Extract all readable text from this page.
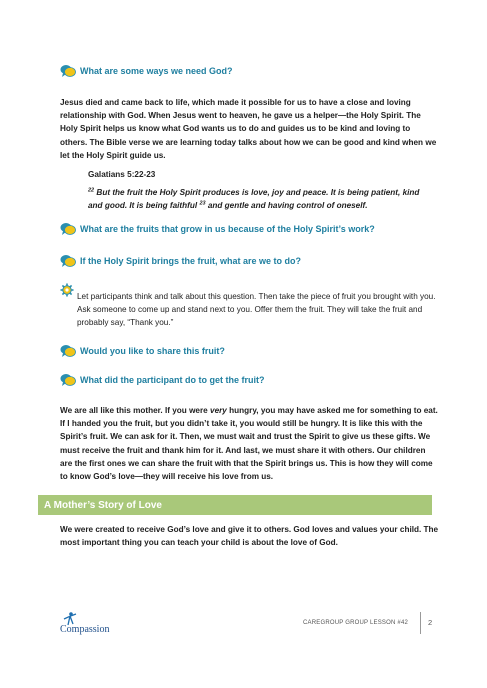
What are some ways we need God?
Jesus died and came back to life, which made it possible for us to have a close and loving relationship with God. When Jesus went to heaven, he gave us a helper—the Holy Spirit. The Holy Spirit helps us know what God wants us to do and guides us to be kind and loving to others. The Bible verse we are learning today talks about how we can be good and kind when we let the Holy Spirit guide us.
Galatians 5:22-23
$^{22}$ But the fruit the Holy Spirit produces is love, joy and peace. It is being patient, kind and good. It is being faithful $^{23}$ and gentle and having control of oneself.
What are the fruits that grow in us because of the Holy Spirit’s work?
If the Holy Spirit brings the fruit, what are we to do?
Let participants think and talk about this question. Then take the piece of fruit you brought with you. Ask someone to come up and stand next to you. Offer them the fruit. They will take the fruit and probably say, “Thank you.”
Would you like to share this fruit?
What did the participant do to get the fruit?
We are all like this mother. If you were very hungry, you may have asked me for something to eat. If I handed you the fruit, but you didn’t take it, you would still be hungry. It is like this with the Spirit’s fruit. We can ask for it. Then, we must wait and trust the Spirit to give us these gifts. We must receive the fruit and thank him for it. And last, we must share it with others. Our children are the first ones we can share the fruit with that the Spirit brings us. This is how they will come to know God’s love—they will receive his love from us.
A Mother’s Story of Love
We were created to receive God’s love and give it to others. God loves and values your child. The most important thing you can teach your child is about the love of God.
Compassion
CAREGROUP GROUP LESSON #42	2
